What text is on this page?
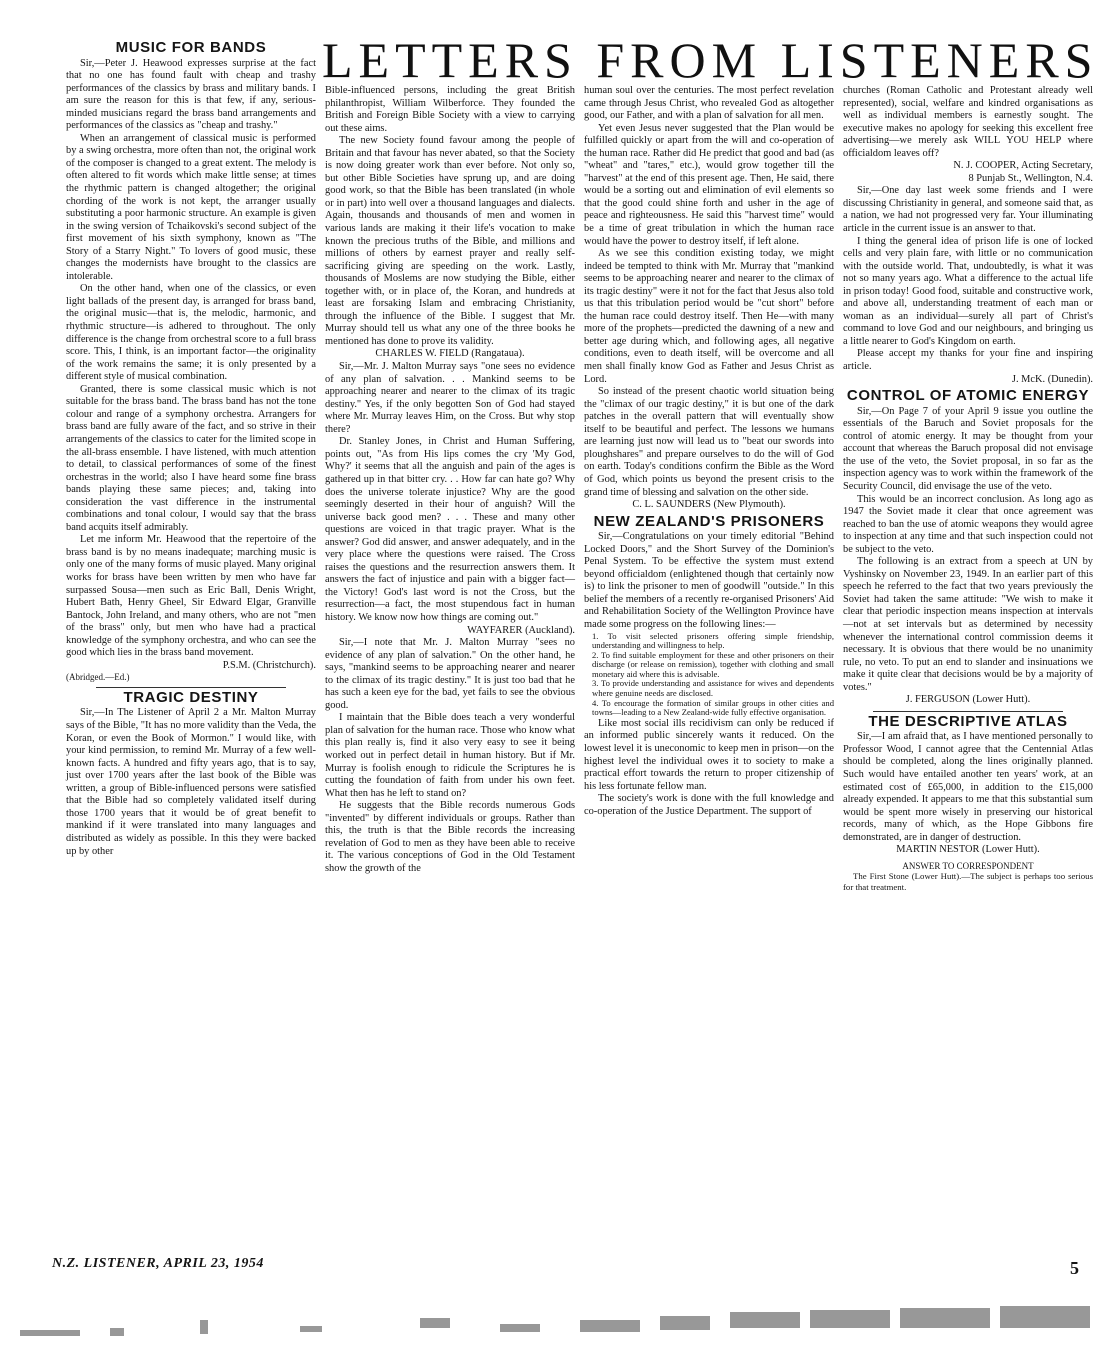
LETTERS FROM LISTENERS
MUSIC FOR BANDS

Sir,—Peter J. Heawood expresses surprise at the fact that no one has found fault with cheap and trashy performances of the classics by brass and military bands. I am sure the reason for this is that few, if any, serious-minded musicians regard the brass band arrangements and performances of the classics as "cheap and trashy."

When an arrangement of classical music is performed by a swing orchestra, more often than not, the original work of the composer is changed to a great extent. The melody is often altered to fit words which make little sense; at times the rhythmic pattern is changed altogether; the original chording of the work is not kept, the arranger usually substituting a poor harmonic structure. An example is given in the swing version of Tchaikovski's second subject of the first movement of his sixth symphony, known as "The Story of a Starry Night." To lovers of good music, these changes the modernists have brought to the classics are intolerable.

On the other hand, when one of the classics, or even light ballads of the present day, is arranged for brass band, the original music—that is, the melodic, harmonic, and rhythmic structure—is adhered to throughout. The only difference is the change from orchestral score to a full brass score. This, I think, is an important factor—the originality of the work remains the same; it is only presented by a different style of musical combination.

Granted, there is some classical music which is not suitable for the brass band. The brass band has not the tone colour and range of a symphony orchestra. Arrangers for brass band are fully aware of the fact, and so strive in their arrangements of the classics to cater for the limited scope in the all-brass ensemble. I have listened, with much attention to detail, to classical performances of some of the finest orchestras in the world; also I have heard some fine brass bands playing these same pieces; and, taking into consideration the vast difference in the instrumental combinations and tonal colour, I would say that the brass band acquits itself admirably.

Let me inform Mr. Heawood that the repertoire of the brass band is by no means inadequate; marching music is only one of the many forms of music played. Many original works for brass have been written by men who have far surpassed Sousa—men such as Eric Ball, Denis Wright, Hubert Bath, Henry Gheel, Sir Edward Elgar, Granville Bantock, John Ireland, and many others, who are not "men of the brass" only, but men who have had a practical knowledge of the symphony orchestra, and who can see the good which lies in the brass band movement.

P.S.M. (Christchurch).

(Abridged.—Ed.)

TRAGIC DESTINY

Sir,—In The Listener of April 2 a Mr. Malton Murray says of the Bible, "It has no more validity than the Veda, the Koran, or even the Book of Mormon." I would like, with your kind permission, to remind Mr. Murray of a few well-known facts. A hundred and fifty years ago, that is to say, just over 1700 years after the last book of the Bible was written, a group of Bible-influenced persons were satisfied that the Bible had so completely validated itself during those 1700 years that it would be of great benefit to mankind if it were translated into many languages and distributed as widely as possible. In this they were backed up by other

Bible-influenced persons, including the great British philanthropist, William Wilberforce. They founded the British and Foreign Bible Society with a view to carrying out these aims.

The new Society found favour among the people of Britain and that favour has never abated, so that the Society is now doing greater work than ever before. Not only so, but other Bible Societies have sprung up, and are doing good work, so that the Bible has been translated (in whole or in part) into well over a thousand languages and dialects. Again, thousands and thousands of men and women in various lands are making it their life's vocation to make known the precious truths of the Bible, and millions and millions of others by earnest prayer and really self-sacrificing giving are speeding on the work. Lastly, thousands of Moslems are now studying the Bible, either together with, or in place of, the Koran, and hundreds at least are forsaking Islam and embracing Christianity, through the influence of the Bible. I suggest that Mr. Murray should tell us what any one of the three books he mentioned has done to prove its validity.

CHARLES W. FIELD (Rangataua).

Sir,—Mr. J. Malton Murray says "one sees no evidence of any plan of salvation. . . Mankind seems to be approaching nearer and nearer to the climax of its tragic destiny." Yes, if the only begotten Son of God had stayed where Mr. Murray leaves Him, on the Cross. But why stop there?

Dr. Stanley Jones, in Christ and Human Suffering, points out, "As from His lips comes the cry 'My God, Why?' it seems that all the anguish and pain of the ages is gathered up in that bitter cry. . . How far can hate go? Why does the universe tolerate injustice? Why are the good seemingly deserted in their hour of anguish? Will the universe back good men? . . . These and many other questions are voiced in that tragic prayer. What is the answer? God did answer, and answer adequately, and in the very place where the questions were raised. The Cross raises the questions and the resurrection answers them. It answers the fact of injustice and pain with a bigger fact—the Victory! God's last word is not the Cross, but the resurrection—a fact, the most stupendous fact in human history. We know now how things are coming out."

WAYFARER (Auckland).

Sir,—I note that Mr. J. Malton Murray "sees no evidence of any plan of salvation." On the other hand, he says, "mankind seems to be approaching nearer and nearer to the climax of its tragic destiny." It is just too bad that he has such a keen eye for the bad, yet fails to see the obvious good.

I maintain that the Bible does teach a very wonderful plan of salvation for the human race. Those who know what this plan really is, find it also very easy to see it being worked out in perfect detail in human history. But if Mr. Murray is foolish enough to ridicule the Scriptures he is cutting the foundation of faith from under his own feet. What then has he left to stand on?

He suggests that the Bible records numerous Gods "invented" by different individuals or groups. Rather than this, the truth is that the Bible records the increasing revelation of God to men as they have been able to receive it. The various conceptions of God in the Old Testament show the growth of the

human soul over the centuries. The most perfect revelation came through Jesus Christ, who revealed God as altogether good, our Father, and with a plan of salvation for all men.

Yet even Jesus never suggested that the Plan would be fulfilled quickly or apart from the will and co-operation of the human race. Rather did He predict that good and bad (as "wheat" and "tares," etc.), would grow together till the "harvest" at the end of this present age. Then, He said, there would be a sorting out and elimination of evil elements so that the good could shine forth and usher in the age of peace and righteousness. He said this "harvest time" would be a time of great tribulation in which the human race would have the power to destroy itself, if left alone.

As we see this condition existing today, we might indeed be tempted to think with Mr. Murray that "mankind seems to be approaching nearer and nearer to the climax of its tragic destiny" were it not for the fact that Jesus also told us that this tribulation period would be "cut short" before the human race could destroy itself. Then He—with many more of the prophets—predicted the dawning of a new and better age during which, and following ages, all negative conditions, even to death itself, will be overcome and all men shall finally know God as Father and Jesus Christ as Lord.

So instead of the present chaotic world situation being the "climax of our tragic destiny," it is but one of the dark patches in the overall pattern that will eventually show itself to be beautiful and perfect. The lessons we humans are learning just now will lead us to "beat our swords into ploughshares" and prepare ourselves to do the will of God on earth. Today's conditions confirm the Bible as the Word of God, which points us beyond the present crisis to the grand time of blessing and salvation on the other side.

C. L. SAUNDERS (New Plymouth).

NEW ZEALAND'S PRISONERS

Sir,—Congratulations on your timely editorial "Behind Locked Doors," and the Short Survey of the Dominion's Penal System. To be effective the system must extend beyond officialdom (enlightened though that certainly now is) to link the prisoner to men of goodwill "outside." In this belief the members of a recently re-organised Prisoners' Aid and Rehabilitation Society of the Wellington Province have made some progress on the following lines:—

1. To visit selected prisoners offering simple friendship, understanding and willingness to help.

2. To find suitable employment for these and other prisoners on their discharge (or release on remission), together with clothing and small monetary aid where this is advisable.

3. To provide understanding and assistance for wives and dependents where genuine needs are disclosed.

4. To encourage the formation of similar groups in other cities and towns—leading to a New Zealand-wide fully effective organisation.

Like most social ills recidivism can only be reduced if an informed public sincerely wants it reduced. On the lowest level it is uneconomic to keep men in prison—on the highest level the individual owes it to society to make a practical effort towards the return to proper citizenship of his less fortunate fellow man.

The society's work is done with the full knowledge and co-operation of the Justice Department. The support of

churches (Roman Catholic and Protestant already well represented), social, welfare and kindred organisations as well as individual members is earnestly sought. The executive makes no apology for seeking this excellent free advertising—we merely ask WILL YOU HELP where officialdom leaves off?

N. J. COOPER, Acting Secretary,

8 Punjab St., Wellington, N.4.

Sir,—One day last week some friends and I were discussing Christianity in general, and someone said that, as a nation, we had not progressed very far. Your illuminating article in the current issue is an answer to that.

I thing the general idea of prison life is one of locked cells and very plain fare, with little or no communication with the outside world. That, undoubtedly, is what it was not so many years ago. What a difference to the actual life in prison today! Good food, suitable and constructive work, and above all, understanding treatment of each man or woman as an individual—surely all part of Christ's command to love God and our neighbours, and bringing us a little nearer to God's Kingdom on earth.

Please accept my thanks for your fine and inspiring article.

J. McK. (Dunedin).

CONTROL OF ATOMIC ENERGY

Sir,—On Page 7 of your April 9 issue you outline the essentials of the Baruch and Soviet proposals for the control of atomic energy. It may be thought from your account that whereas the Baruch proposal did not envisage the use of the veto, the Soviet proposal, in so far as the inspection agency was to work within the framework of the Security Council, did envisage the use of the veto.

This would be an incorrect conclusion. As long ago as 1947 the Soviet made it clear that once agreement was reached to ban the use of atomic weapons they would agree to inspection at any time and that such inspection could not be subject to the veto.

The following is an extract from a speech at UN by Vyshinsky on November 23, 1949. In an earlier part of this speech he referred to the fact that two years previously the Soviet had taken the same attitude: "We wish to make it clear that periodic inspection means inspection at intervals—not at set intervals but as determined by necessity whenever the international control commission deems it necessary. It is obvious that there would be no unanimity rule, no veto. To put an end to slander and insinuations we make it quite clear that decisions would be by a majority of votes."

J. FERGUSON (Lower Hutt).

THE DESCRIPTIVE ATLAS

Sir,—I am afraid that, as I have mentioned personally to Professor Wood, I cannot agree that the Centennial Atlas should be completed, along the lines originally planned. Such would have entailed another ten years' work, at an estimated cost of £65,000, in addition to the £15,000 already expended. It appears to me that this substantial sum would be spent more wisely in preserving our historical records, many of which, as the Hope Gibbons fire demonstrated, are in danger of destruction.

MARTIN NESTOR (Lower Hutt).

ANSWER TO CORRESPONDENT

The First Stone (Lower Hutt).—The subject is perhaps too serious for that treatment.

N.Z. LISTENER, APRIL 23, 1954	5
